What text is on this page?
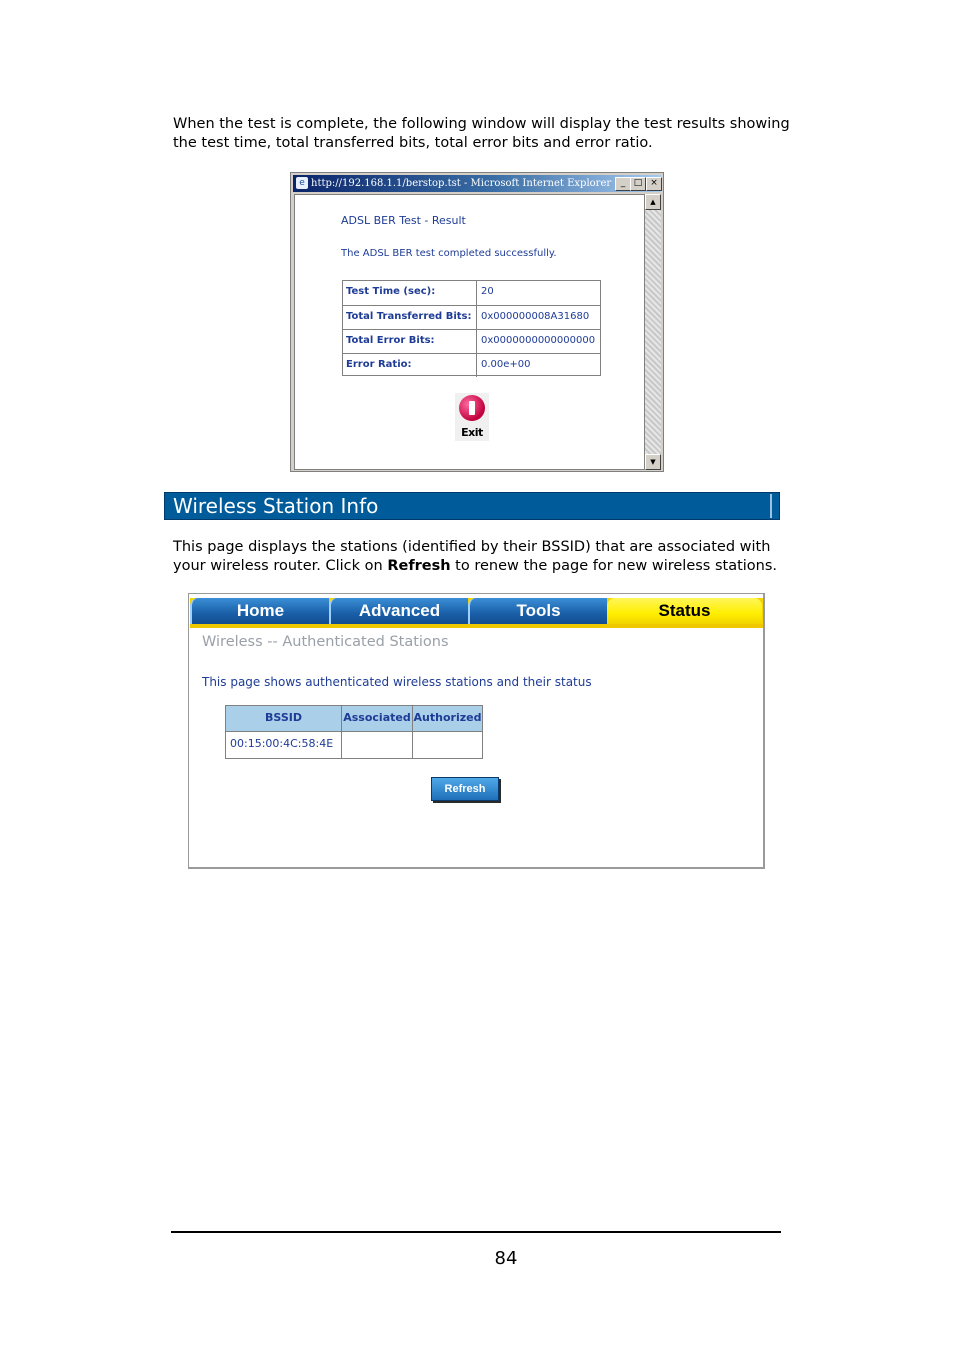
When the test is complete, the following window will display the test results showing the test time, total transferred bits, total error bits and error ratio.

e http://192.168.1.1/berstop.tst - Microsoft Internet Explorer	_ □ ×
ADSL BER Test - Result
The ADSL BER test completed successfully.
Test Time (sec):	20
Total Transferred Bits: 0x000000008A31680
Total Error Bits:	0x0000000000000000
Error Ratio:	0.00e+00
Exit
▲
▼
Wireless Station Info

This page displays the stations (identified by their BSSID) that are associated with your wireless router. Click on Refresh to renew the page for new wireless stations.

Home	Advanced	Tools	Status
Wireless -- Authenticated Stations
This page shows authenticated wireless stations and their status
BSSID	Associated Authorized
00:15:00:4C:58:4E
Refresh
84
